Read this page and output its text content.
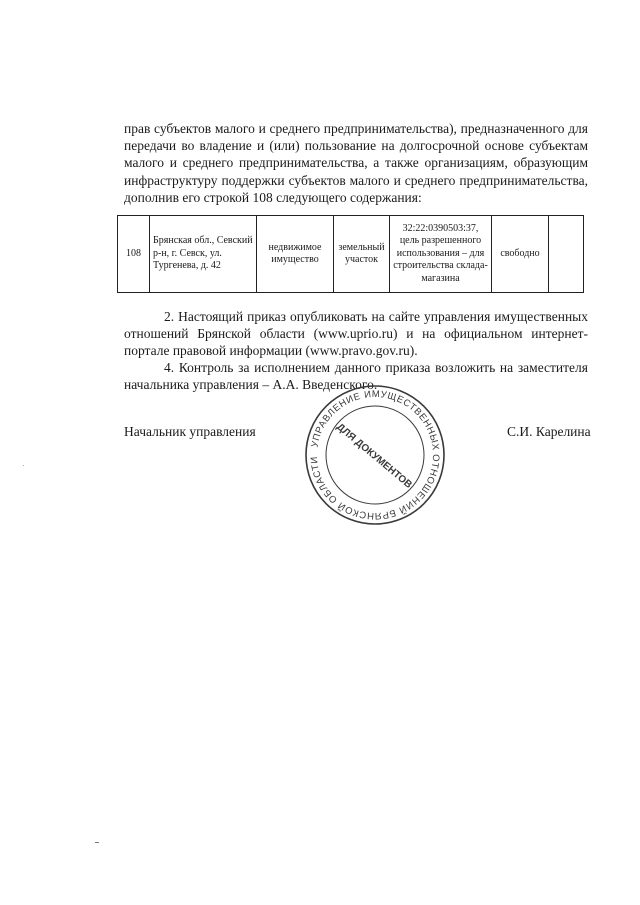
прав субъектов малого и среднего предпринимательства), предназначенного для передачи во владение и (или) пользование на долгосрочной основе субъектам малого и среднего предпринимательства, а также организациям, образующим инфраструктуру поддержки субъектов малого и среднего предпринимательства, дополнив его строкой 108 следующего содержания:
108	Брянская обл., Севский р-н, г. Севск, ул. Тургенева, д. 42	недвижимое имущество	земельный участок	32:22:0390503:37, цель разрешенного использования – для строительства склада-магазина	свободно	

2. Настоящий приказ опубликовать на сайте управления имущественных отношений Брянской области (www.uprio.ru) и на официальном интернет-портале правовой информации (www.pravo.gov.ru).

4. Контроль за исполнением данного приказа возложить на заместителя начальника управления – А.А. Введенского.

Начальник управления	С.И. Карелина
УПРАВЛЕНИЕ ИМУЩЕСТВЕННЫХ ОТНОШЕНИЙ БРЯНСКОЙ ОБЛАСТИ	ДЛЯ ДОКУМЕНТОВ
